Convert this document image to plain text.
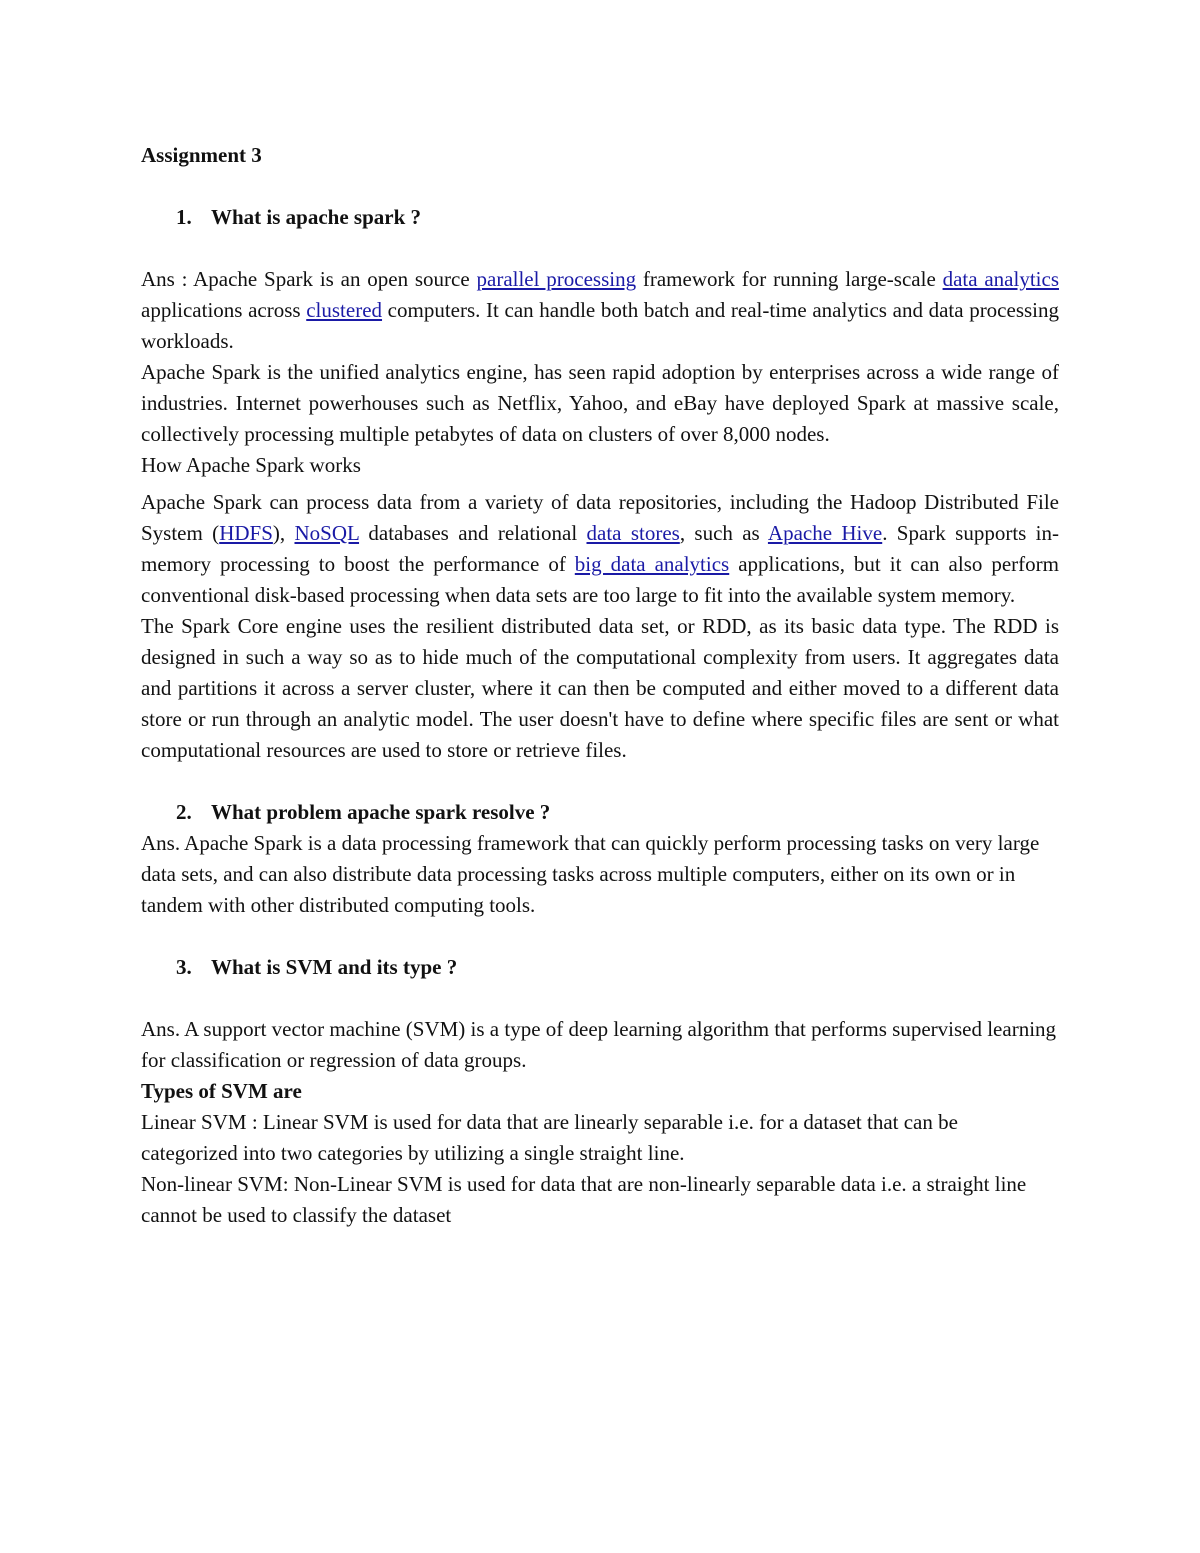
Assignment 3

1. What is apache spark ?

Ans : Apache Spark is an open source parallel processing framework for running large-scale data analytics applications across clustered computers. It can handle both batch and real-time analytics and data processing workloads.

Apache Spark is the unified analytics engine, has seen rapid adoption by enterprises across a wide range of industries. Internet powerhouses such as Netflix, Yahoo, and eBay have deployed Spark at massive scale, collectively processing multiple petabytes of data on clusters of over 8,000 nodes.

How Apache Spark works

Apache Spark can process data from a variety of data repositories, including the Hadoop Distributed File System (HDFS), NoSQL databases and relational data stores, such as Apache Hive. Spark supports in-memory processing to boost the performance of big data analytics applications, but it can also perform conventional disk-based processing when data sets are too large to fit into the available system memory.

The Spark Core engine uses the resilient distributed data set, or RDD, as its basic data type. The RDD is designed in such a way so as to hide much of the computational complexity from users. It aggregates data and partitions it across a server cluster, where it can then be computed and either moved to a different data store or run through an analytic model. The user doesn't have to define where specific files are sent or what computational resources are used to store or retrieve files.

2. What problem apache spark resolve ?

Ans. Apache Spark is a data processing framework that can quickly perform processing tasks on very large data sets, and can also distribute data processing tasks across multiple computers, either on its own or in tandem with other distributed computing tools.

3. What is SVM and its type ?

Ans. A support vector machine (SVM) is a type of deep learning algorithm that performs supervised learning for classification or regression of data groups.

Types of SVM are

Linear SVM : Linear SVM is used for data that are linearly separable i.e. for a dataset that can be categorized into two categories by utilizing a single straight line.

Non-linear SVM: Non-Linear SVM is used for data that are non-linearly separable data i.e. a straight line cannot be used to classify the dataset
